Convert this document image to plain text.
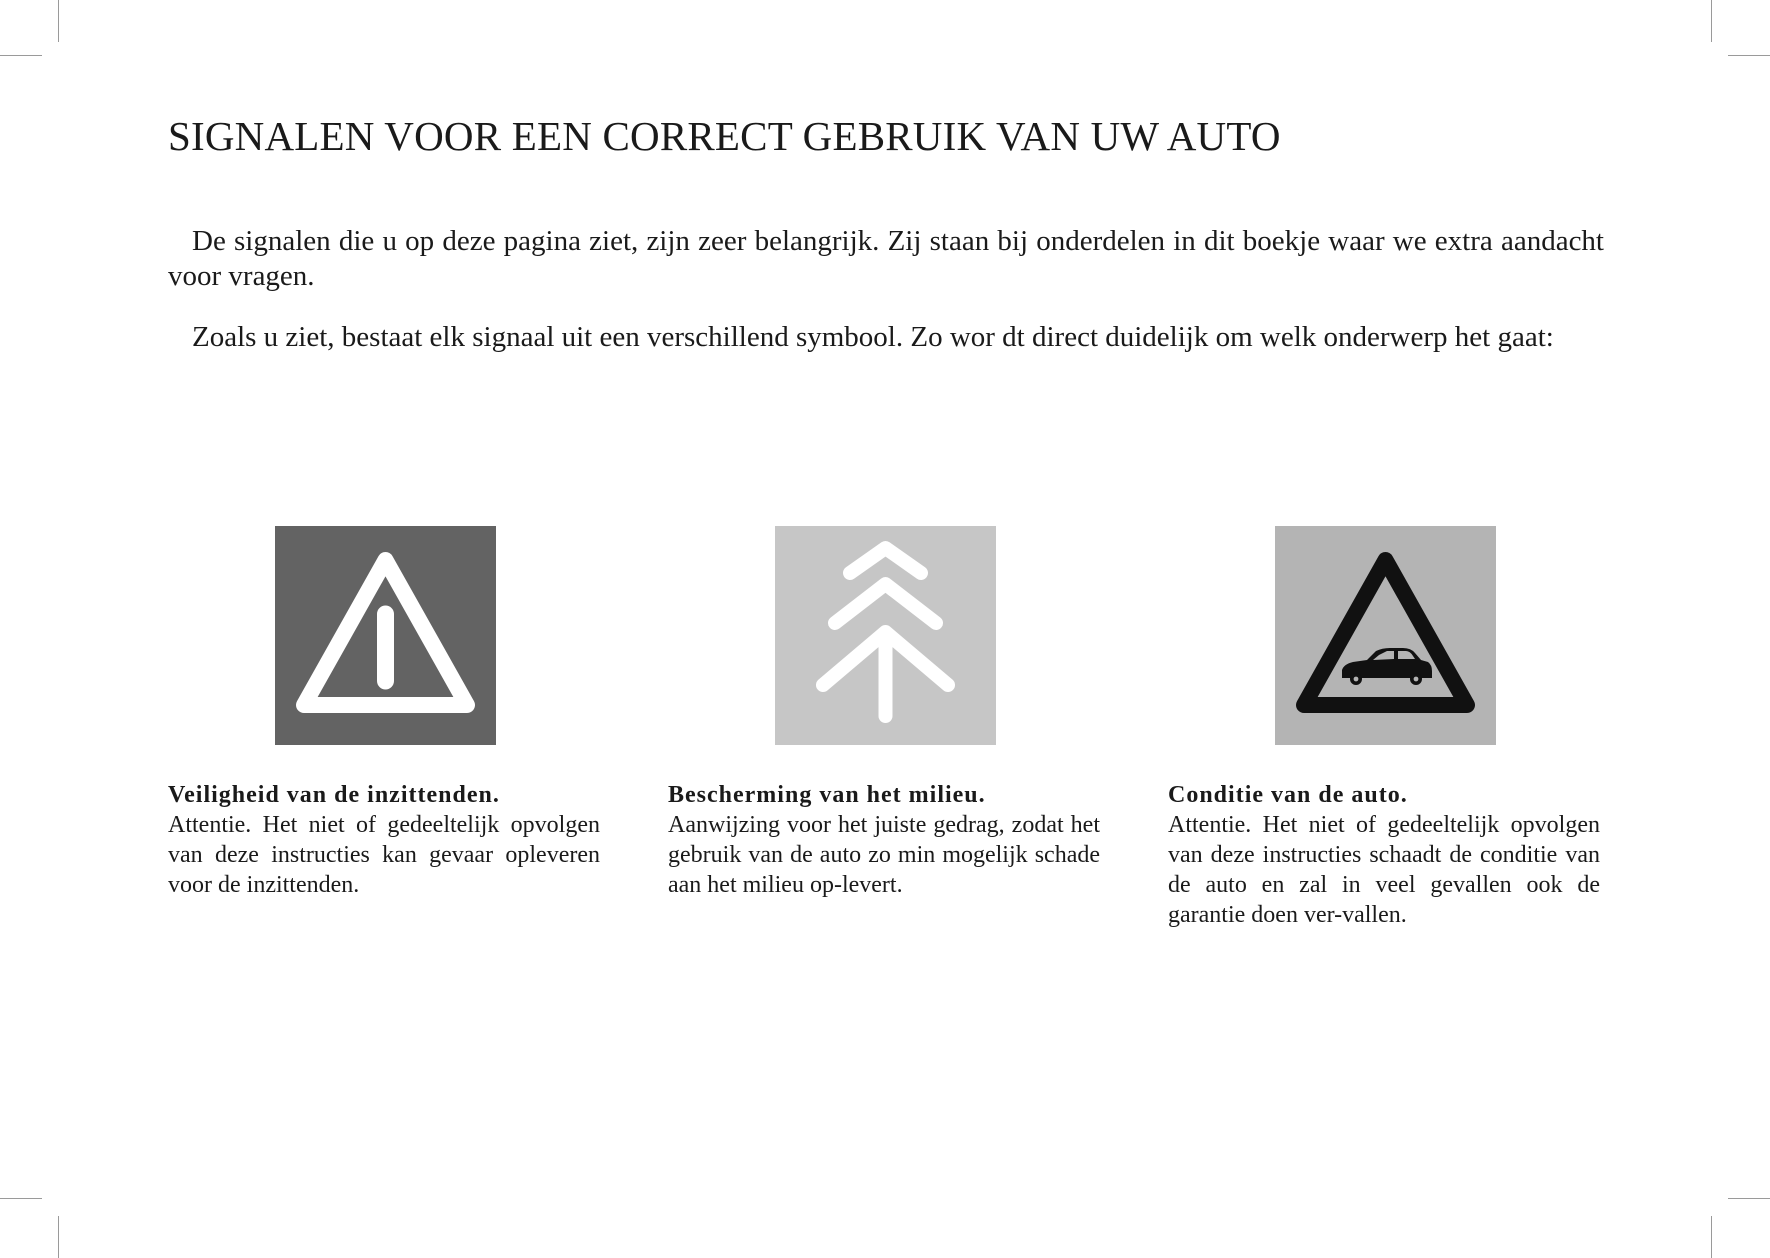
SIGNALEN VOOR EEN CORRECT GEBRUIK VAN UW AUTO

De signalen die u op deze pagina ziet, zijn zeer belangrijk. Zij staan bij onderdelen in dit boekje waar we extra aandacht voor vragen.

Zoals u ziet, bestaat elk signaal uit een verschillend symbool. Zo wor dt direct duidelijk om welk onderwerp het gaat:

Veiligheid van de inzittenden.
Attentie. Het niet of gedeeltelijk opvolgen van deze instructies kan gevaar opleveren voor de inzittenden.
Bescherming van het milieu.
Aanwijzing voor het juiste gedrag, zodat het gebruik van de auto zo min mogelijk schade aan het milieu op-levert.
Conditie van de auto.
Attentie. Het niet of gedeeltelijk opvolgen van deze instructies schaadt de conditie van de auto en zal in veel gevallen ook de garantie doen ver-vallen.
